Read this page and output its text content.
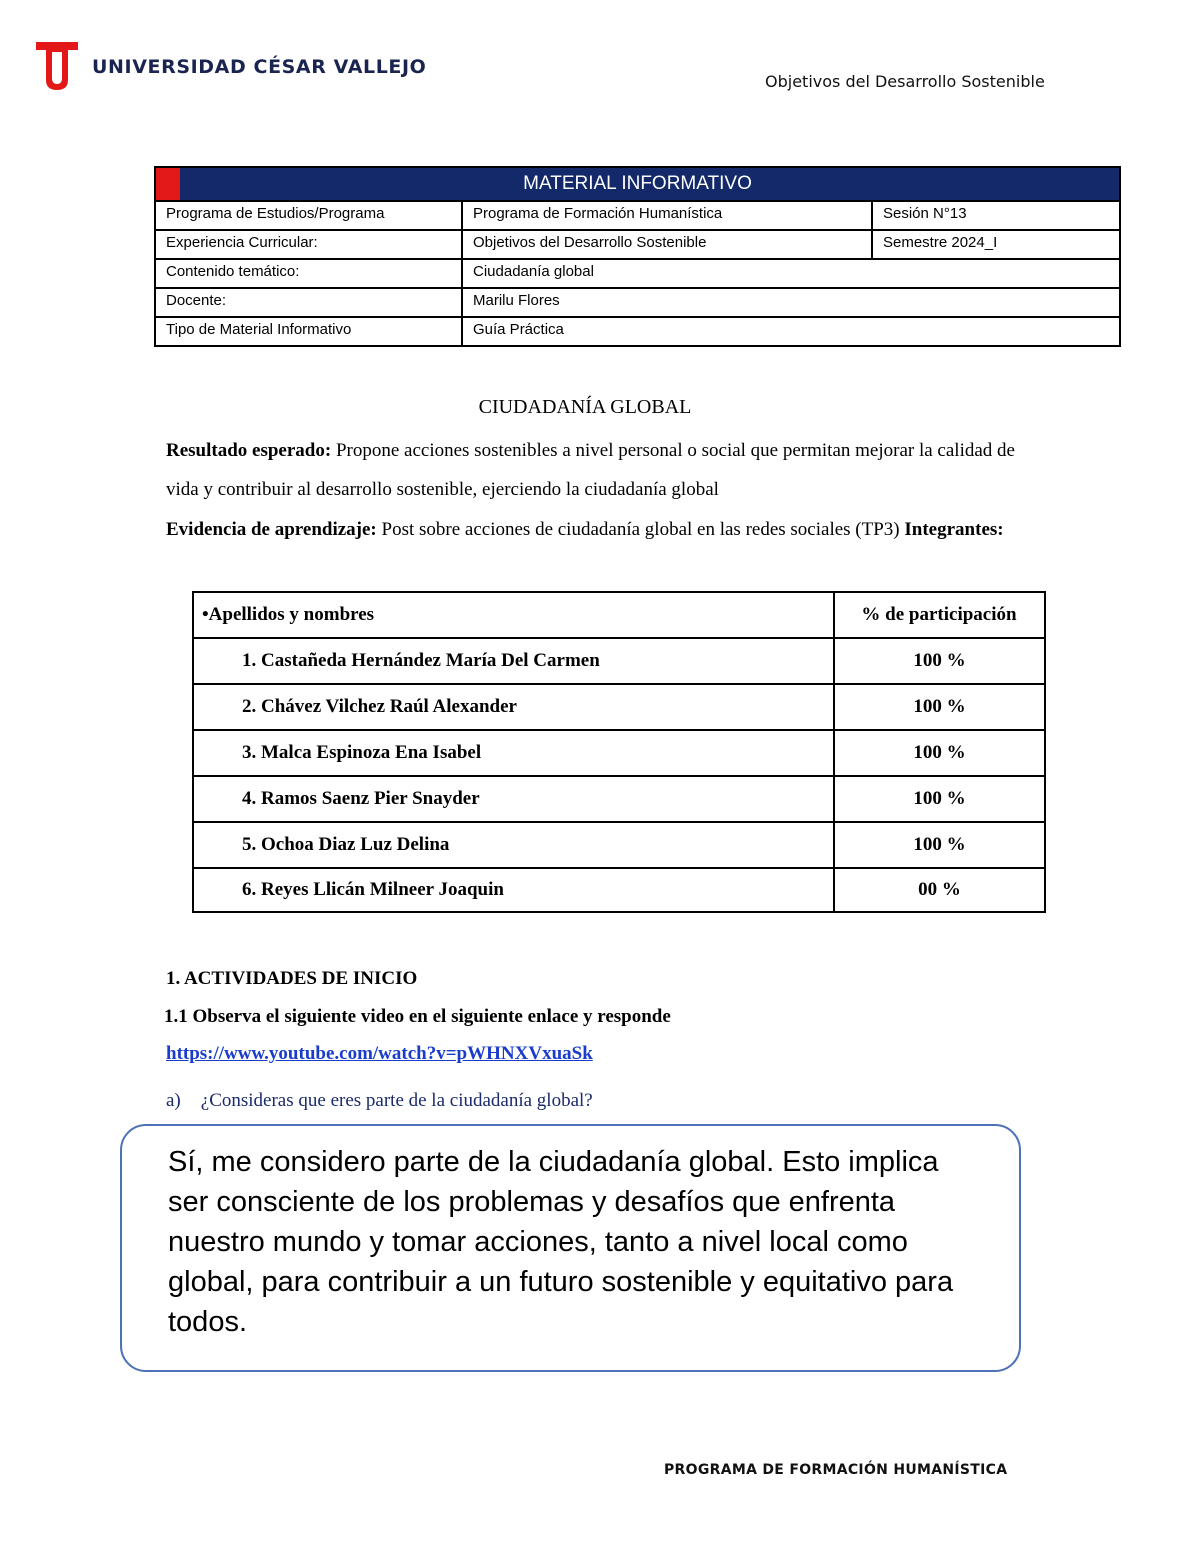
UNIVERSIDAD CÉSAR VALLEJO
Objetivos del Desarrollo Sostenible
MATERIAL INFORMATIVO		
Programa de Estudios/Programa	Programa de Formación Humanística	Sesión N°13
Experiencia Curricular:	Objetivos del Desarrollo Sostenible	Semestre 2024_I
Contenido temático:	Ciudadanía global	
Docente:	Marilu Flores	
Tipo de Material Informativo	Guía Práctica	
CIUDADANÍA GLOBAL
Resultado esperado: Propone acciones sostenibles a nivel personal o social que permitan mejorar la calidad de vida y contribuir al desarrollo sostenible, ejerciendo la ciudadanía global
Evidencia de aprendizaje: Post sobre acciones de ciudadanía global en las redes sociales (TP3) Integrantes:
•Apellidos y nombres	% de participación
1. Castañeda Hernández María Del Carmen	100 %
2. Chávez Vilchez Raúl Alexander	100 %
3. Malca Espinoza Ena Isabel	100 %
4. Ramos Saenz Pier Snayder	100 %
5. Ochoa Diaz Luz Delina	100 %
6. Reyes Llicán Milneer Joaquin	00 %
1. ACTIVIDADES DE INICIO
1.1 Observa el siguiente video en el siguiente enlace y responde
https://www.youtube.com/watch?v=pWHNXVxuaSk
a) ¿Consideras que eres parte de la ciudadanía global?
Sí, me considero parte de la ciudadanía global. Esto implica ser consciente de los problemas y desafíos que enfrenta nuestro mundo y tomar acciones, tanto a nivel local como global, para contribuir a un futuro sostenible y equitativo para todos.
PROGRAMA DE FORMACIÓN HUMANÍSTICA
